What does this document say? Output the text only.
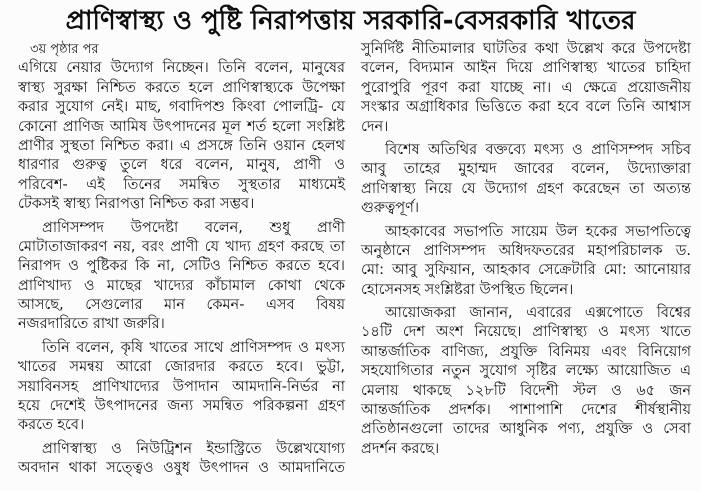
প্রাণিস্বাস্থ্য ও পুষ্টি নিরাপত্তায় সরকারি-বেসরকারি খাতের
৩য় পৃষ্ঠার পর
এগিয়ে নেয়ার উদ্যোগ নিচ্ছেন। তিনি বলেন, মানুষের
স্বাস্থ্য সুরক্ষা নিশ্চিত করতে হলে প্রাণিস্বাস্থ্যকে উপেক্ষা
করার সুযোগ নেই। মাছ, গবাদিপশু কিংবা পোলট্রি- যে
কোনো প্রাণিজ আমিষ উৎপাদনের মূল শর্ত হলো সংশ্লিষ্ট
প্রাণীর সুস্থতা নিশ্চিত করা। এ প্রসঙ্গে তিনি ওয়ান হেলথ
ধারণার গুরুত্ব তুলে ধরে বলেন, মানুষ, প্রাণী ও
পরিবেশ- এই তিনের সমন্বিত সুস্থতার মাধ্যমেই
টেকসই স্বাস্থ্য নিরাপত্তা নিশ্চিত করা সম্ভব।
প্রাণিসম্পদ উপদেষ্টা বলেন, শুধু প্রাণী
মোটাতাজাকরণ নয়, বরং প্রাণী যে খাদ্য গ্রহণ করছে তা
নিরাপদ ও পুষ্টিকর কি না, সেটিও নিশ্চিত করতে হবে।
প্রাণিখাদ্য ও মাছের খাদ্যের কাঁচামাল কোথা থেকে
আসছে, সেগুলোর মান কেমন- এসব বিষয়
নজরদারিতে রাখা জরুরি।
তিনি বলেন, কৃষি খাতের সাথে প্রাণিসম্পদ ও মৎস্য
খাতের সমন্বয় আরো জোরদার করতে হবে। ভুট্টা,
সয়াবিনসহ প্রাণিখাদ্যের উপাদান আমদানি-নির্ভর না
হয়ে দেশেই উৎপাদনের জন্য সমন্বিত পরিকল্পনা গ্রহণ
করতে হবে।
প্রাণিস্বাস্থ্য ও নিউট্রিশন ইন্ডাস্ট্রিতে উল্লেখযোগ্য
অবদান থাকা সত্ত্বেও ওষুধ উৎপাদন ও আমদানিতে
সুনির্দিষ্ট নীতিমালার ঘাটতির কথা উল্লেখ করে উপদেষ্টা
বলেন, বিদ্যমান আইন দিয়ে প্রাণিস্বাস্থ্য খাতের চাহিদা
পুরোপুরি পূরণ করা যাচ্ছে না। এ ক্ষেত্রে প্রয়োজনীয়
সংস্কার অগ্রাধিকার ভিত্তিতে করা হবে বলে তিনি আশ্বাস
দেন।
বিশেষ অতিথির বক্তব্যে মৎস্য ও প্রাণিসম্পদ সচিব
আবু তাহের মুহাম্মদ জাবের বলেন, উদ্যোক্তারা
প্রাণিস্বাস্থ্য নিয়ে যে উদ্যোগ গ্রহণ করেছেন তা অত্যন্ত
গুরুত্বপূর্ণ।
আহকাবের সভাপতি সায়েম উল হকের সভাপতিত্বে
অনুষ্ঠানে প্রাণিসম্পদ অধিদফতরের মহাপরিচালক ড.
মো: আবু সুফিয়ান, আহকাব সেক্রেটারি মো: আনোয়ার
হোসেনসহ সংশ্লিষ্টরা উপস্থিত ছিলেন।
আয়োজকরা জানান, এবারের এক্সপোতে বিশ্বের
১৪টি দেশ অংশ নিয়েছে। প্রাণিস্বাস্থ্য ও মৎস্য খাতে
আন্তর্জাতিক বাণিজ্য, প্রযুক্তি বিনিময় এবং বিনিয়োগ
সহযোগিতার নতুন সুযোগ সৃষ্টির লক্ষ্যে আয়োজিত এ
মেলায় থাকছে ১২৮টি বিদেশী স্টল ও ৬৫ জন
আন্তর্জাতিক প্রদর্শক। পাশাপাশি দেশের শীর্ষস্থানীয়
প্রতিষ্ঠানগুলো তাদের আধুনিক পণ্য, প্রযুক্তি ও সেবা
প্রদর্শন করছে।
